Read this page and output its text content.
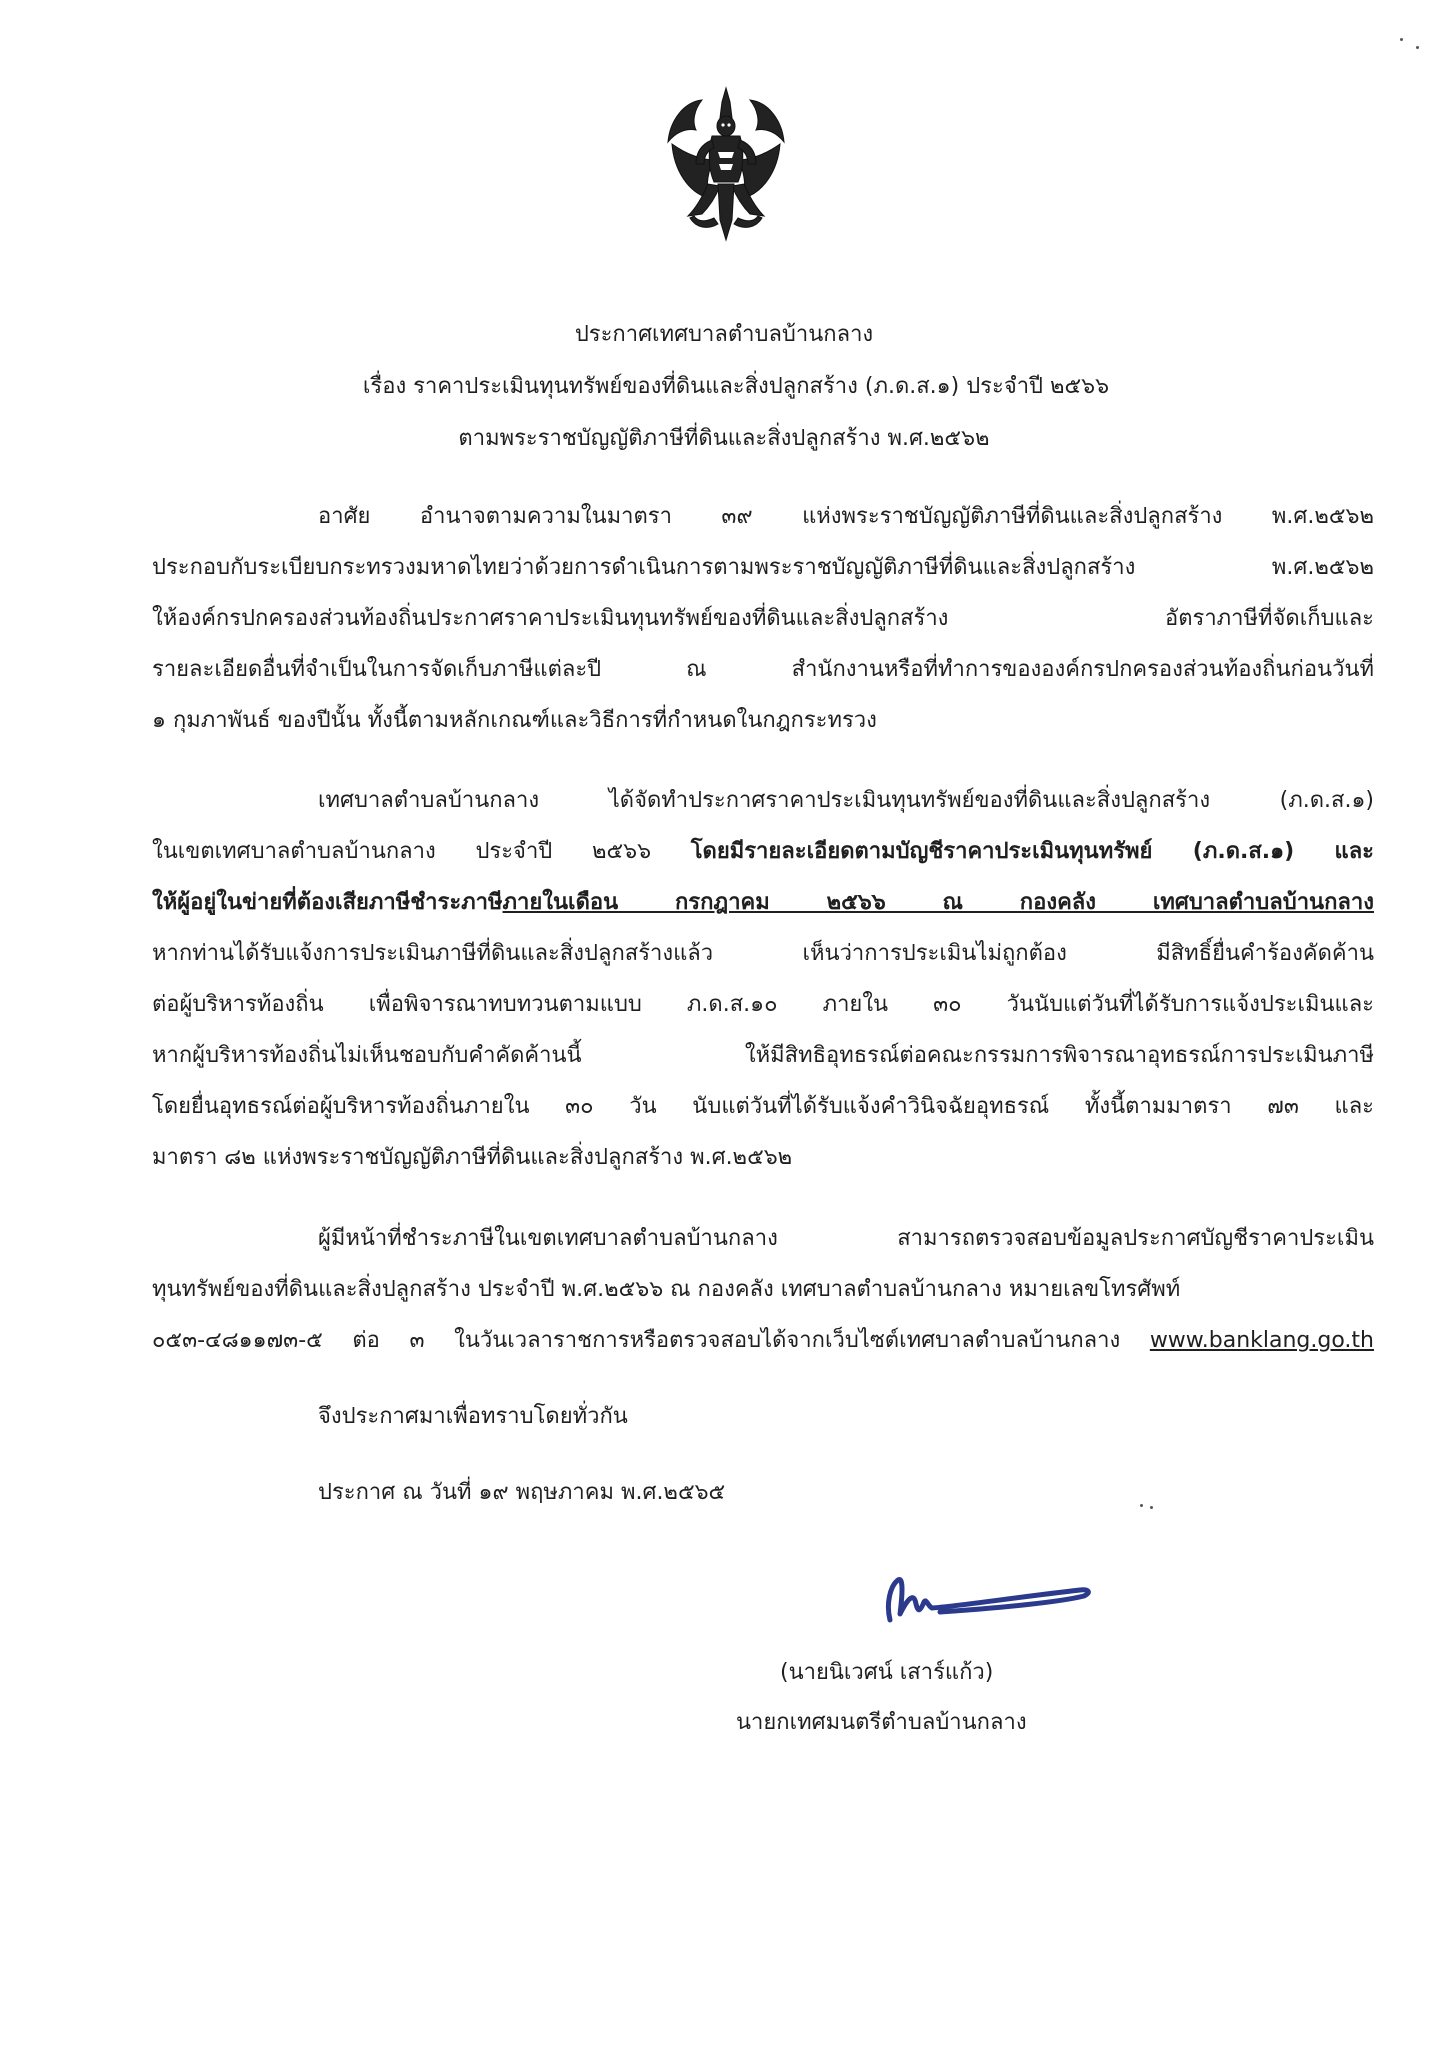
ประกาศเทศบาลตำบลบ้านกลาง
เรื่อง ราคาประเมินทุนทรัพย์ของที่ดินและสิ่งปลูกสร้าง (ภ.ด.ส.๑) ประจำปี ๒๕๖๖
ตามพระราชบัญญัติภาษีที่ดินและสิ่งปลูกสร้าง พ.ศ.๒๕๖๒
อาศัย อำนาจตามความในมาตรา ๓๙ แห่งพระราชบัญญัติภาษีที่ดินและสิ่งปลูกสร้าง พ.ศ.๒๕๖๒
ประกอบกับระเบียบกระทรวงมหาดไทยว่าด้วยการดำเนินการตามพระราชบัญญัติภาษีที่ดินและสิ่งปลูกสร้าง พ.ศ.๒๕๖๒
ให้องค์กรปกครองส่วนท้องถิ่นประกาศราคาประเมินทุนทรัพย์ของที่ดินและสิ่งปลูกสร้าง อัตราภาษีที่จัดเก็บและ
รายละเอียดอื่นที่จำเป็นในการจัดเก็บภาษีแต่ละปี ณ สำนักงานหรือที่ทำการขององค์กรปกครองส่วนท้องถิ่นก่อนวันที่
๑ กุมภาพันธ์ ของปีนั้น ทั้งนี้ตามหลักเกณฑ์และวิธีการที่กำหนดในกฎกระทรวง
เทศบาลตำบลบ้านกลาง ได้จัดทำประกาศราคาประเมินทุนทรัพย์ของที่ดินและสิ่งปลูกสร้าง (ภ.ด.ส.๑)
ในเขตเทศบาลตำบลบ้านกลาง ประจำปี ๒๕๖๖ โดยมีรายละเอียดตามบัญชีราคาประเมินทุนทรัพย์ (ภ.ด.ส.๑) และ
ให้ผู้อยู่ในข่ายที่ต้องเสียภาษีชำระภาษีภายในเดือน กรกฎาคม ๒๕๖๖ ณ กองคลัง เทศบาลตำบลบ้านกลาง
หากท่านได้รับแจ้งการประเมินภาษีที่ดินและสิ่งปลูกสร้างแล้ว เห็นว่าการประเมินไม่ถูกต้อง มีสิทธิ์ยื่นคำร้องคัดค้าน
ต่อผู้บริหารท้องถิ่น เพื่อพิจารณาทบทวนตามแบบ ภ.ด.ส.๑๐ ภายใน ๓๐ วันนับแต่วันที่ได้รับการแจ้งประเมินและ
หากผู้บริหารท้องถิ่นไม่เห็นชอบกับคำคัดค้านนี้ ให้มีสิทธิอุทธรณ์ต่อคณะกรรมการพิจารณาอุทธรณ์การประเมินภาษี
โดยยื่นอุทธรณ์ต่อผู้บริหารท้องถิ่นภายใน ๓๐ วัน นับแต่วันที่ได้รับแจ้งคำวินิจฉัยอุทธรณ์ ทั้งนี้ตามมาตรา ๗๓ และ
มาตรา ๘๒ แห่งพระราชบัญญัติภาษีที่ดินและสิ่งปลูกสร้าง พ.ศ.๒๕๖๒
ผู้มีหน้าที่ชำระภาษีในเขตเทศบาลตำบลบ้านกลาง สามารถตรวจสอบข้อมูลประกาศบัญชีราคาประเมิน
ทุนทรัพย์ของที่ดินและสิ่งปลูกสร้าง ประจำปี พ.ศ.๒๕๖๖ ณ กองคลัง เทศบาลตำบลบ้านกลาง หมายเลขโทรศัพท์
๐๕๓-๔๘๑๑๗๓-๕ ต่อ ๓ ในวันเวลาราชการหรือตรวจสอบได้จากเว็บไซต์เทศบาลตำบลบ้านกลาง www.banklang.go.th
จึงประกาศมาเพื่อทราบโดยทั่วกัน
ประกาศ ณ วันที่ ๑๙ พฤษภาคม พ.ศ.๒๕๖๕
(นายนิเวศน์ เสาร์แก้ว)
นายกเทศมนตรีตำบลบ้านกลาง
